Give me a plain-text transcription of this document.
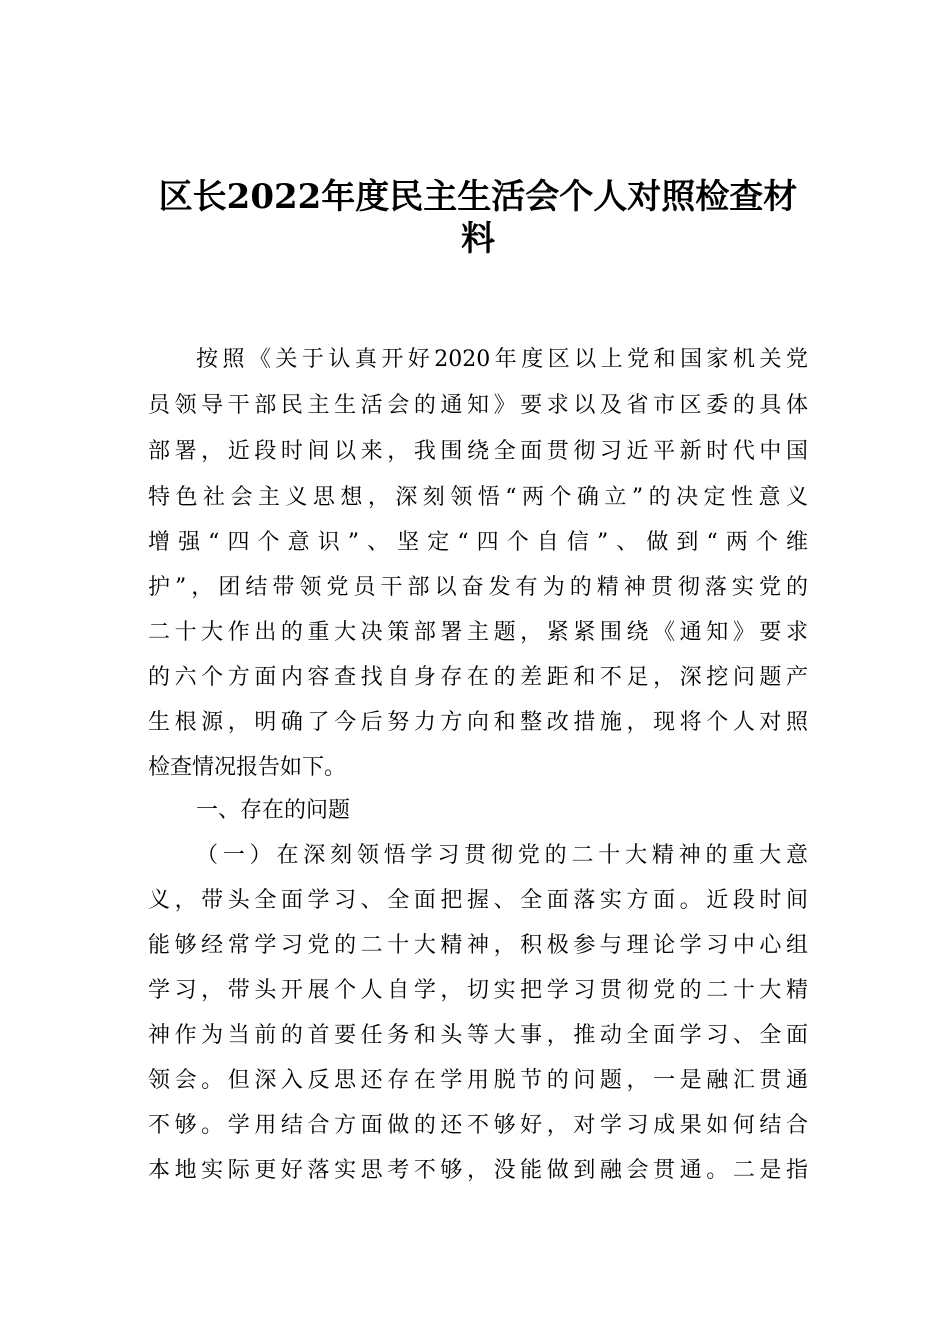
区长2022年度民主生活会个人对照检查材
料
按照《关于认真开好2020年度区以上党和国家机关党
员领导干部民主生活会的通知》要求以及省市区委的具体
部署，近段时间以来，我围绕全面贯彻习近平新时代中国
特色社会主义思想，深刻领悟“两个确立”的决定性意义
增强“四个意识”、坚定“四个自信”、做到“两个维
护”，团结带领党员干部以奋发有为的精神贯彻落实党的
二十大作出的重大决策部署主题，紧紧围绕《通知》要求
的六个方面内容查找自身存在的差距和不足，深挖问题产
生根源，明确了今后努力方向和整改措施，现将个人对照
检查情况报告如下。
一、存在的问题
（一）在深刻领悟学习贯彻党的二十大精神的重大意
义，带头全面学习、全面把握、全面落实方面。近段时间
能够经常学习党的二十大精神，积极参与理论学习中心组
学习，带头开展个人自学，切实把学习贯彻党的二十大精
神作为当前的首要任务和头等大事，推动全面学习、全面
领会。但深入反思还存在学用脱节的问题，一是融汇贯通
不够。学用结合方面做的还不够好，对学习成果如何结合
本地实际更好落实思考不够，没能做到融会贯通。二是指
